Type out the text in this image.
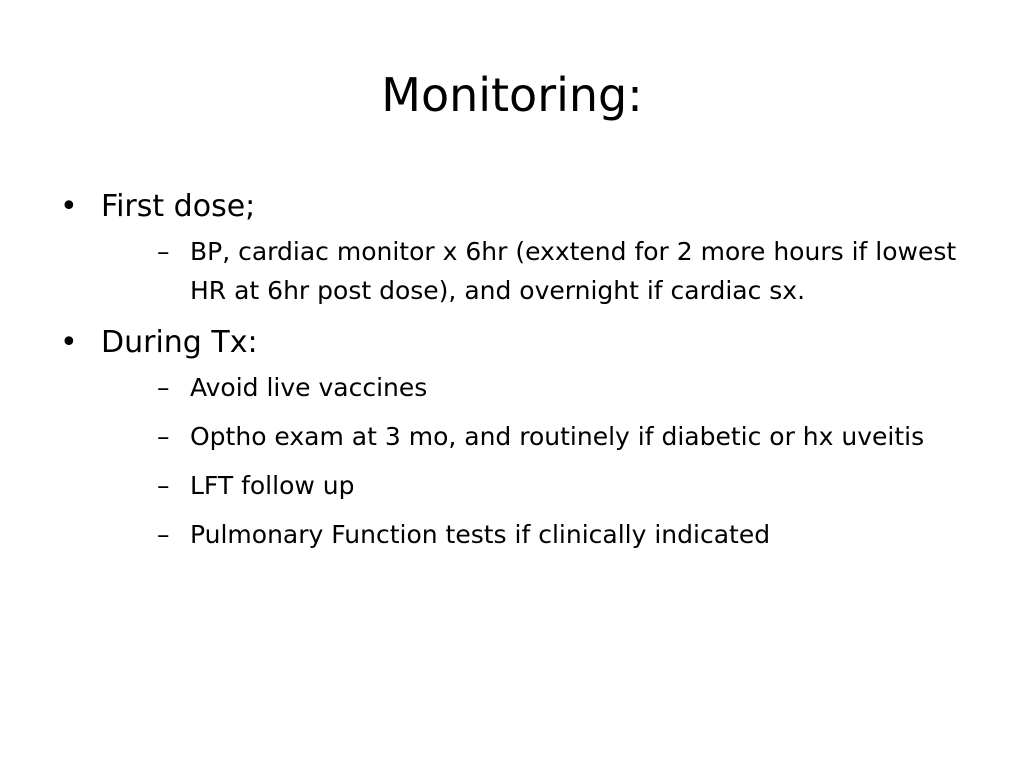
Monitoring:
• First dose;
– BP, cardiac monitor x 6hr (exxtend for 2 more hours if lowest HR at 6hr post dose), and overnight if cardiac sx.
• During Tx:
– Avoid live vaccines
– Optho exam at 3 mo, and routinely if diabetic or hx uveitis
– LFT follow up
– Pulmonary Function tests if clinically indicated
